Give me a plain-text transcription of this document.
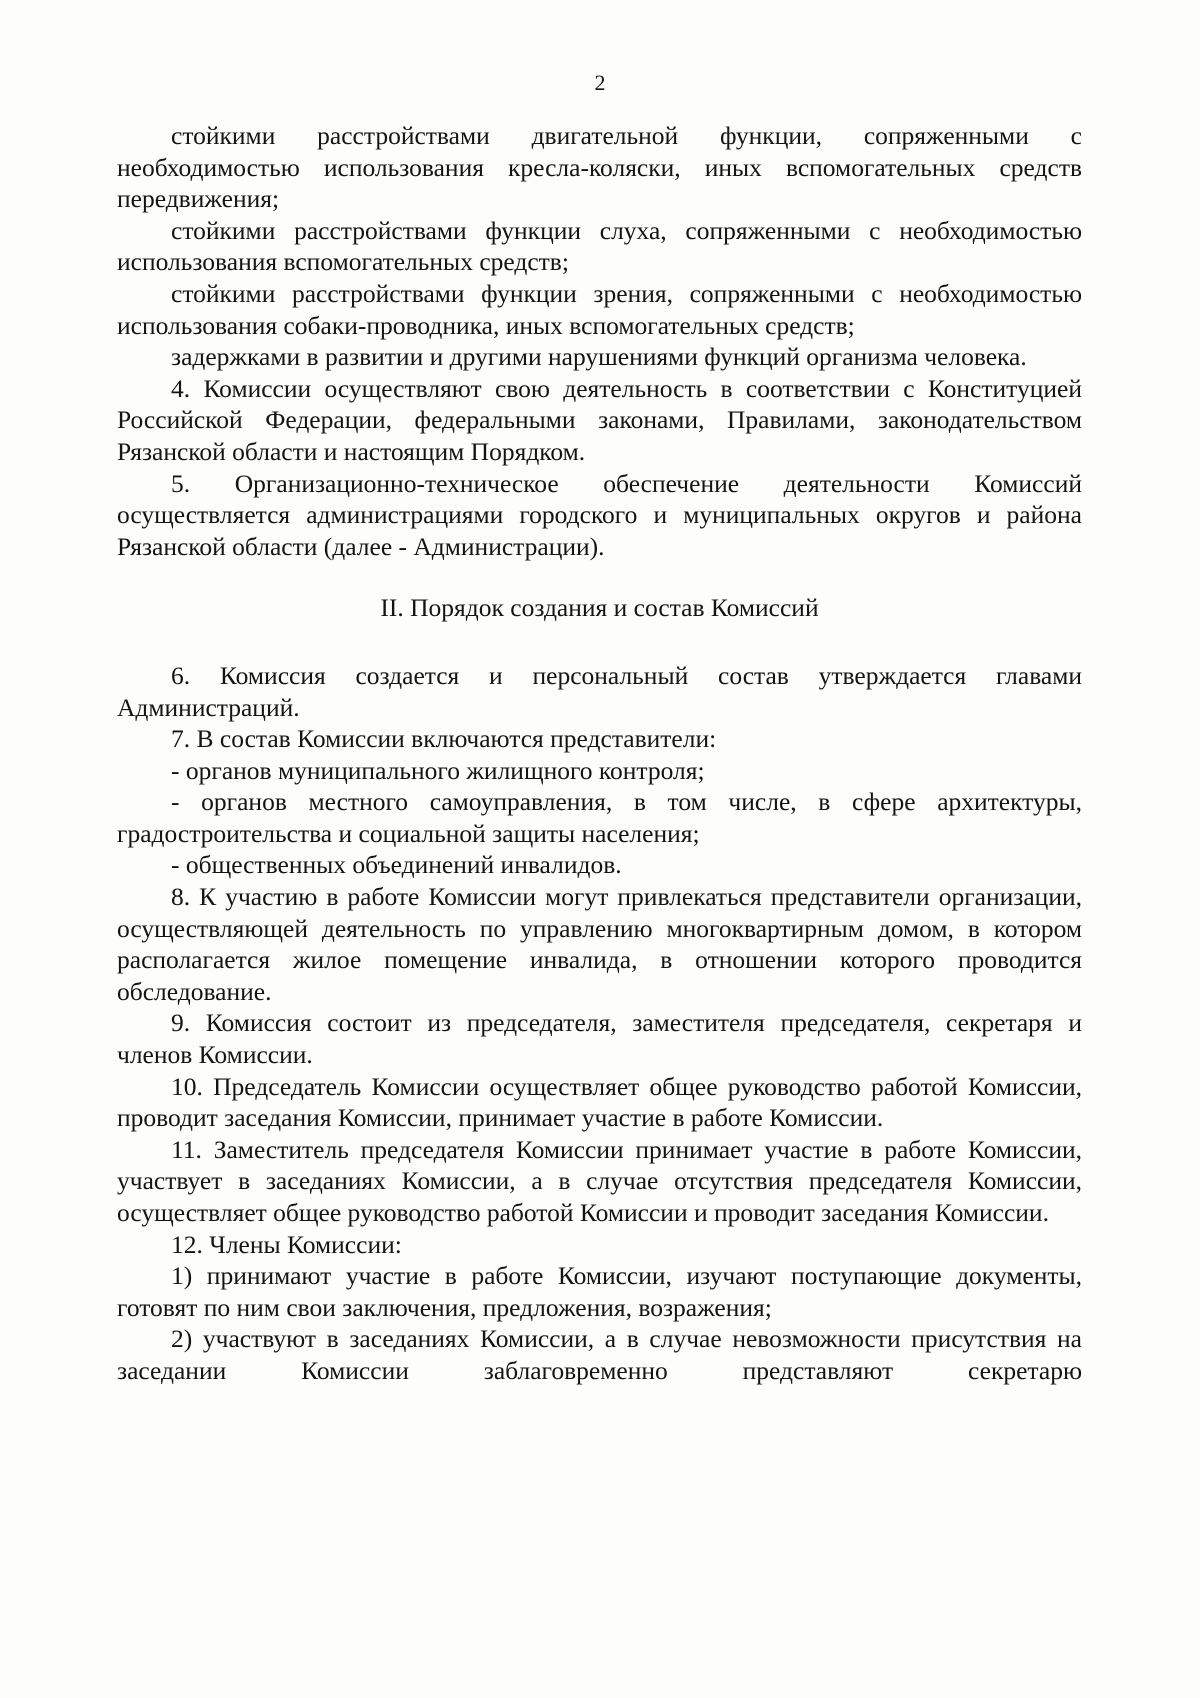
2

стойкими расстройствами двигательной функции, сопряженными с необходимостью использования кресла-коляски, иных вспомогательных средств передвижения;

стойкими расстройствами функции слуха, сопряженными с необходимостью использования вспомогательных средств;

стойкими расстройствами функции зрения, сопряженными с необходимостью использования собаки-проводника, иных вспомогательных средств;

задержками в развитии и другими нарушениями функций организма человека.

4. Комиссии осуществляют свою деятельность в соответствии с Конституцией Российской Федерации, федеральными законами, Правилами, законодательством Рязанской области и настоящим Порядком.

5. Организационно-техническое обеспечение деятельности Комиссий осуществляется администрациями городского и муниципальных округов и района Рязанской области (далее - Администрации).

II. Порядок создания и состав Комиссий

6. Комиссия создается и персональный состав утверждается главами Администраций.

7. В состав Комиссии включаются представители:

- органов муниципального жилищного контроля;

- органов местного самоуправления, в том числе, в сфере архитектуры, градостроительства и социальной защиты населения;

- общественных объединений инвалидов.

8. К участию в работе Комиссии могут привлекаться представители организации, осуществляющей деятельность по управлению многоквартирным домом, в котором располагается жилое помещение инвалида, в отношении которого проводится обследование.

9. Комиссия состоит из председателя, заместителя председателя, секретаря и членов Комиссии.

10. Председатель Комиссии осуществляет общее руководство работой Комиссии, проводит заседания Комиссии, принимает участие в работе Комиссии.

11. Заместитель председателя Комиссии принимает участие в работе Комиссии, участвует в заседаниях Комиссии, а в случае отсутствия председателя Комиссии, осуществляет общее руководство работой Комиссии и проводит заседания Комиссии.

12. Члены Комиссии:

1) принимают участие в работе Комиссии, изучают поступающие документы, готовят по ним свои заключения, предложения, возражения;

2) участвуют в заседаниях Комиссии, а в случае невозможности присутствия на заседании Комиссии заблаговременно представляют секретарю
